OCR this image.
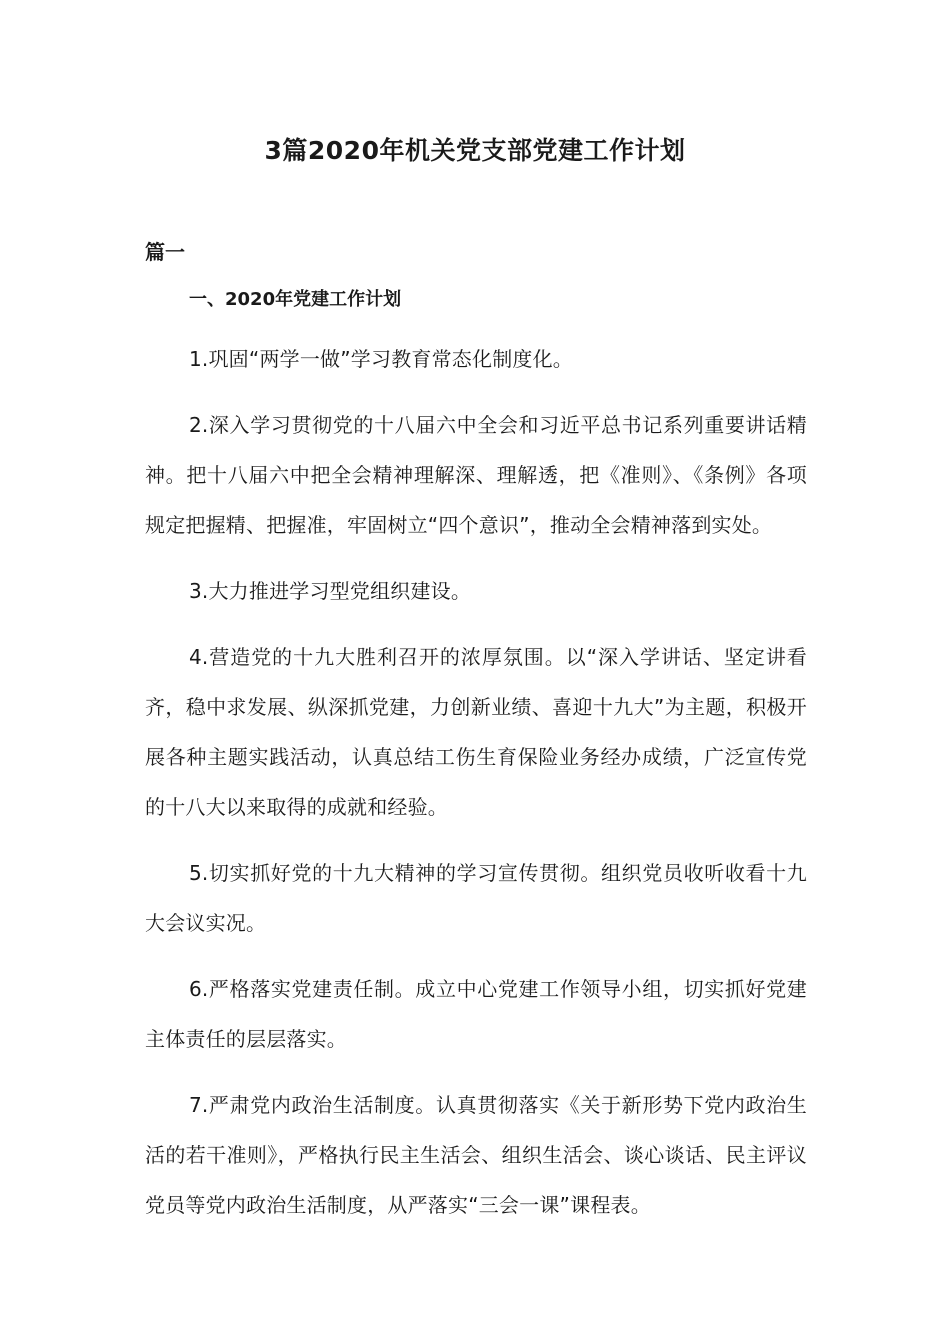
3篇2020年机关党支部党建工作计划
篇一

一、2020年党建工作计划

1.巩固“两学一做”学习教育常态化制度化。

2.深入学习贯彻党的十八届六中全会和习近平总书记系列重要讲话精神。把十八届六中把全会精神理解深、理解透，把《准则》、《条例》各项规定把握精、把握准，牢固树立“四个意识”，推动全会精神落到实处。

3.大力推进学习型党组织建设。

4.营造党的十九大胜利召开的浓厚氛围。以“深入学讲话、坚定讲看齐，稳中求发展、纵深抓党建，力创新业绩、喜迎十九大”为主题，积极开展各种主题实践活动，认真总结工伤生育保险业务经办成绩，广泛宣传党的十八大以来取得的成就和经验。

5.切实抓好党的十九大精神的学习宣传贯彻。组织党员收听收看十九大会议实况。

6.严格落实党建责任制。成立中心党建工作领导小组，切实抓好党建主体责任的层层落实。

7.严肃党内政治生活制度。认真贯彻落实《关于新形势下党内政治生活的若干准则》，严格执行民主生活会、组织生活会、谈心谈话、民主评议党员等党内政治生活制度，从严落实“三会一课”课程表。
